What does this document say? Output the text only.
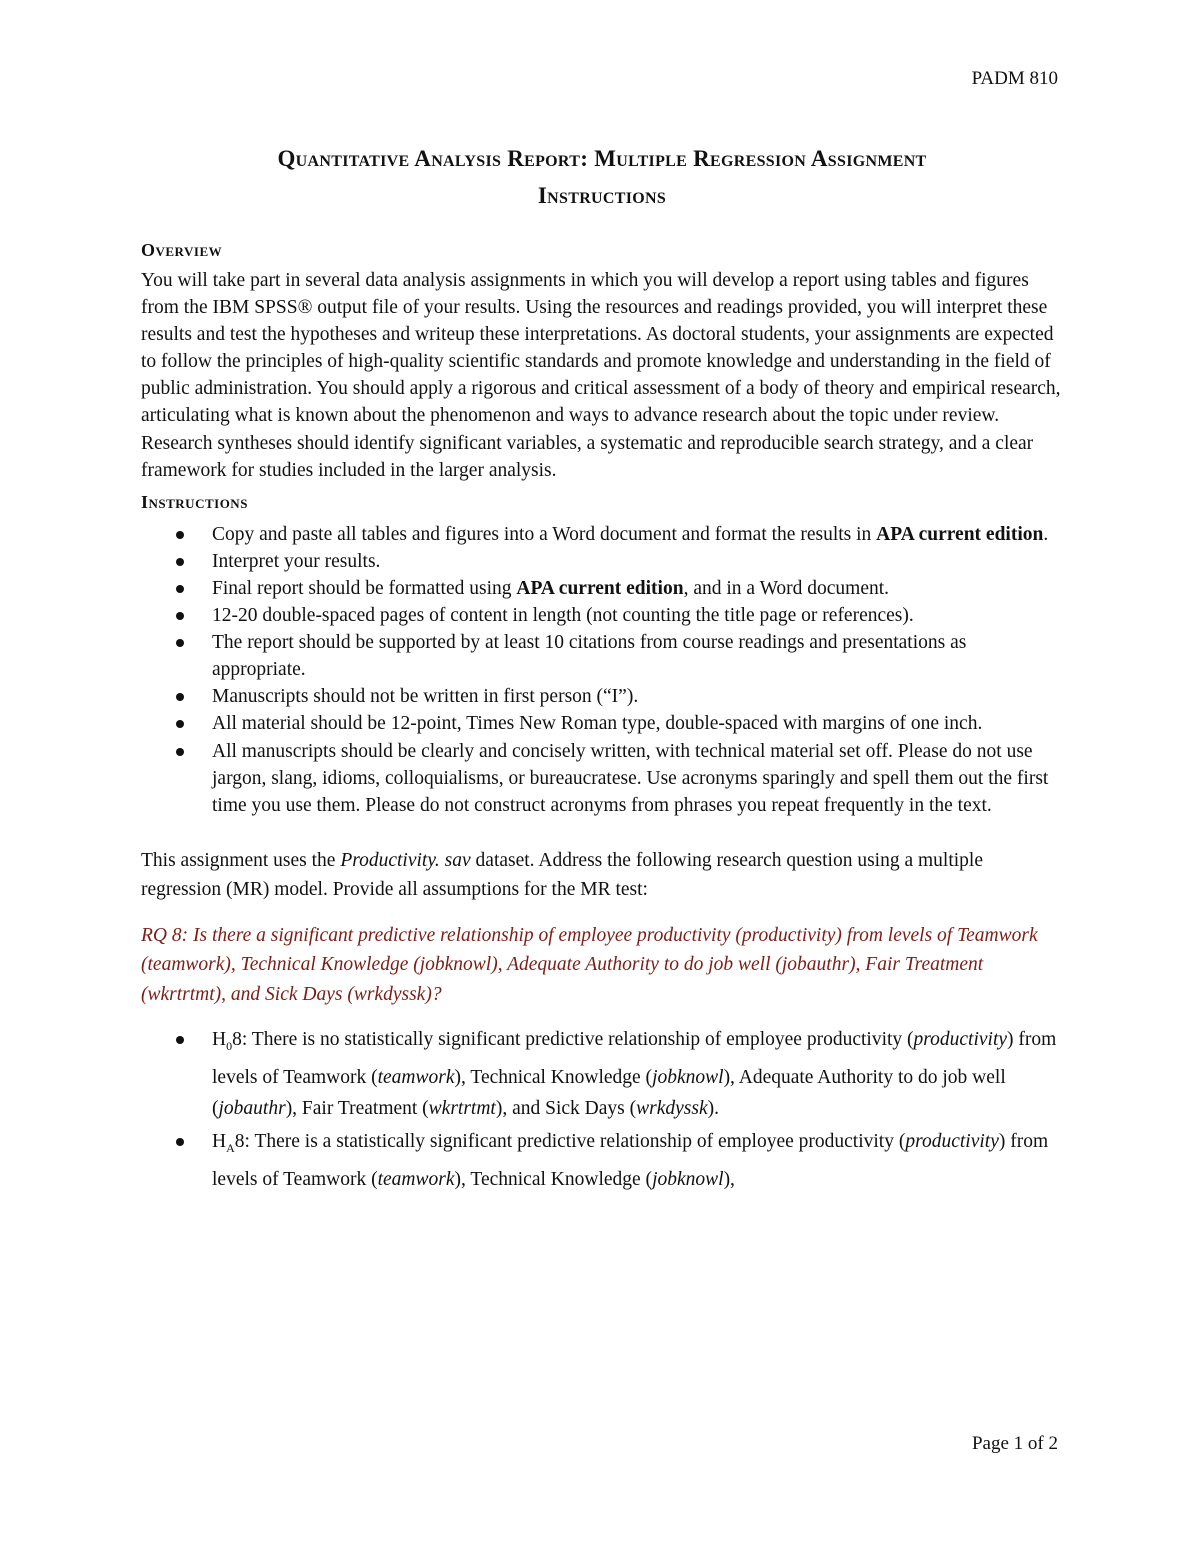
PADM 810
Quantitative Analysis Report: Multiple Regression Assignment
Instructions
Overview

You will take part in several data analysis assignments in which you will develop a report using tables and figures from the IBM SPSS® output file of your results. Using the resources and readings provided, you will interpret these results and test the hypotheses and writeup these interpretations. As doctoral students, your assignments are expected to follow the principles of high-quality scientific standards and promote knowledge and understanding in the field of public administration. You should apply a rigorous and critical assessment of a body of theory and empirical research, articulating what is known about the phenomenon and ways to advance research about the topic under review. Research syntheses should identify significant variables, a systematic and reproducible search strategy, and a clear framework for studies included in the larger analysis.

Instructions
Copy and paste all tables and figures into a Word document and format the results in APA current edition.
Interpret your results.
Final report should be formatted using APA current edition, and in a Word document.
12-20 double-spaced pages of content in length (not counting the title page or references).
The report should be supported by at least 10 citations from course readings and presentations as appropriate.
Manuscripts should not be written in first person (“I”).
All material should be 12-point, Times New Roman type, double-spaced with margins of one inch.
All manuscripts should be clearly and concisely written, with technical material set off. Please do not use jargon, slang, idioms, colloquialisms, or bureaucratese. Use acronyms sparingly and spell them out the first time you use them. Please do not construct acronyms from phrases you repeat frequently in the text.

This assignment uses the Productivity. sav dataset. Address the following research question using a multiple regression (MR) model. Provide all assumptions for the MR test:

RQ 8: Is there a significant predictive relationship of employee productivity (productivity) from levels of Teamwork (teamwork), Technical Knowledge (jobknowl), Adequate Authority to do job well (jobauthr), Fair Treatment (wkrtrtmt), and Sick Days (wrkdyssk)?

$H_08$: There is no statistically significant predictive relationship of employee productivity (productivity) from levels of Teamwork (teamwork), Technical Knowledge (jobknowl), Adequate Authority to do job well (jobauthr), Fair Treatment (wkrtrtmt), and Sick Days (wrkdyssk).
$H_A8$: There is a statistically significant predictive relationship of employee productivity (productivity) from levels of Teamwork (teamwork), Technical Knowledge (jobknowl),
Page 1 of 2
